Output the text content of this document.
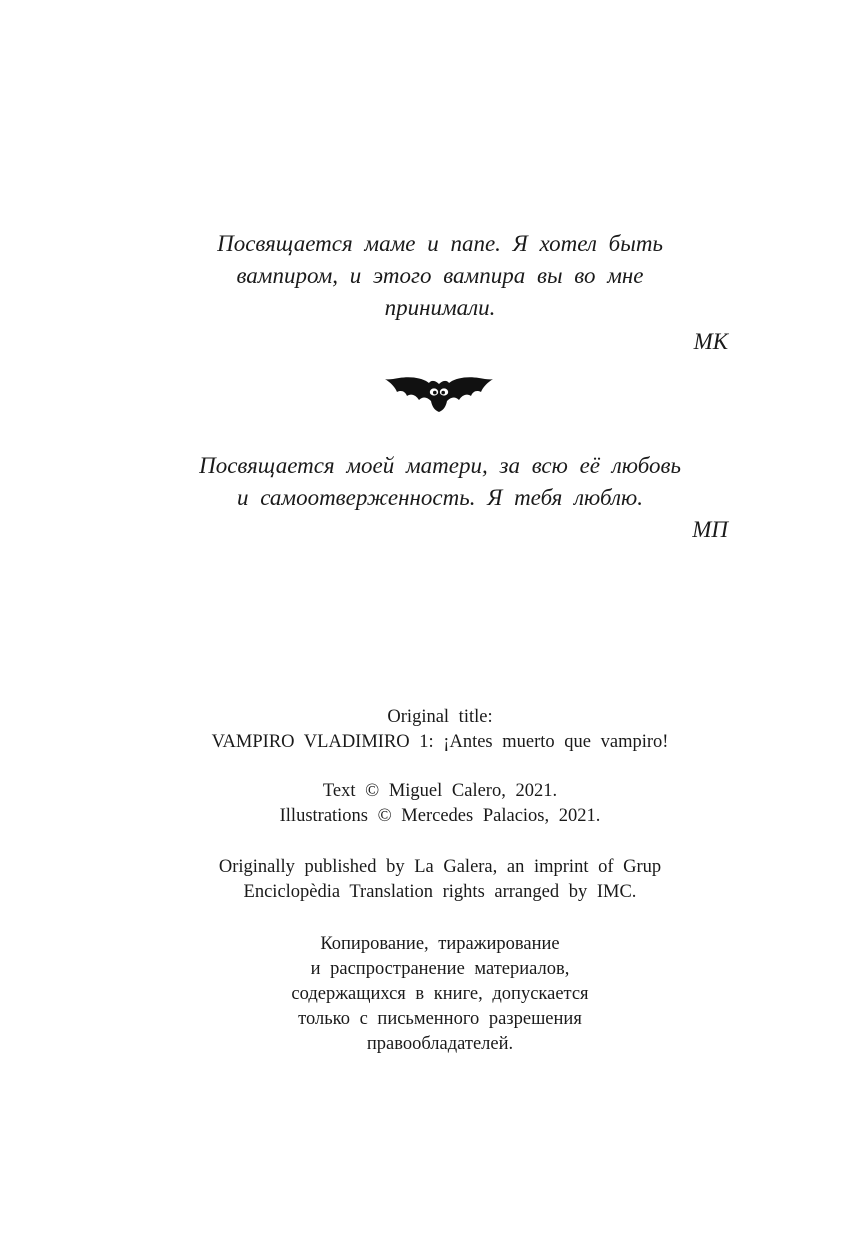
Посвящается маме и папе. Я хотел быть
вампиром, и этого вампира вы во мне
принимали.
МК
Посвящается моей матери, за всю её любовь
и самоотверженность. Я тебя люблю.
МП
Original title:
VAMPIRO VLADIMIRO 1: ¡Antes muerto que vampiro!
Text © Miguel Calero, 2021.
Illustrations © Mercedes Palacios, 2021.
Originally published by La Galera, an imprint of Grup
Enciclopèdia Translation rights arranged by IMC.
Копирование, тиражирование
и распространение материалов,
содержащихся в книге, допускается
только с письменного разрешения
правообладателей.
